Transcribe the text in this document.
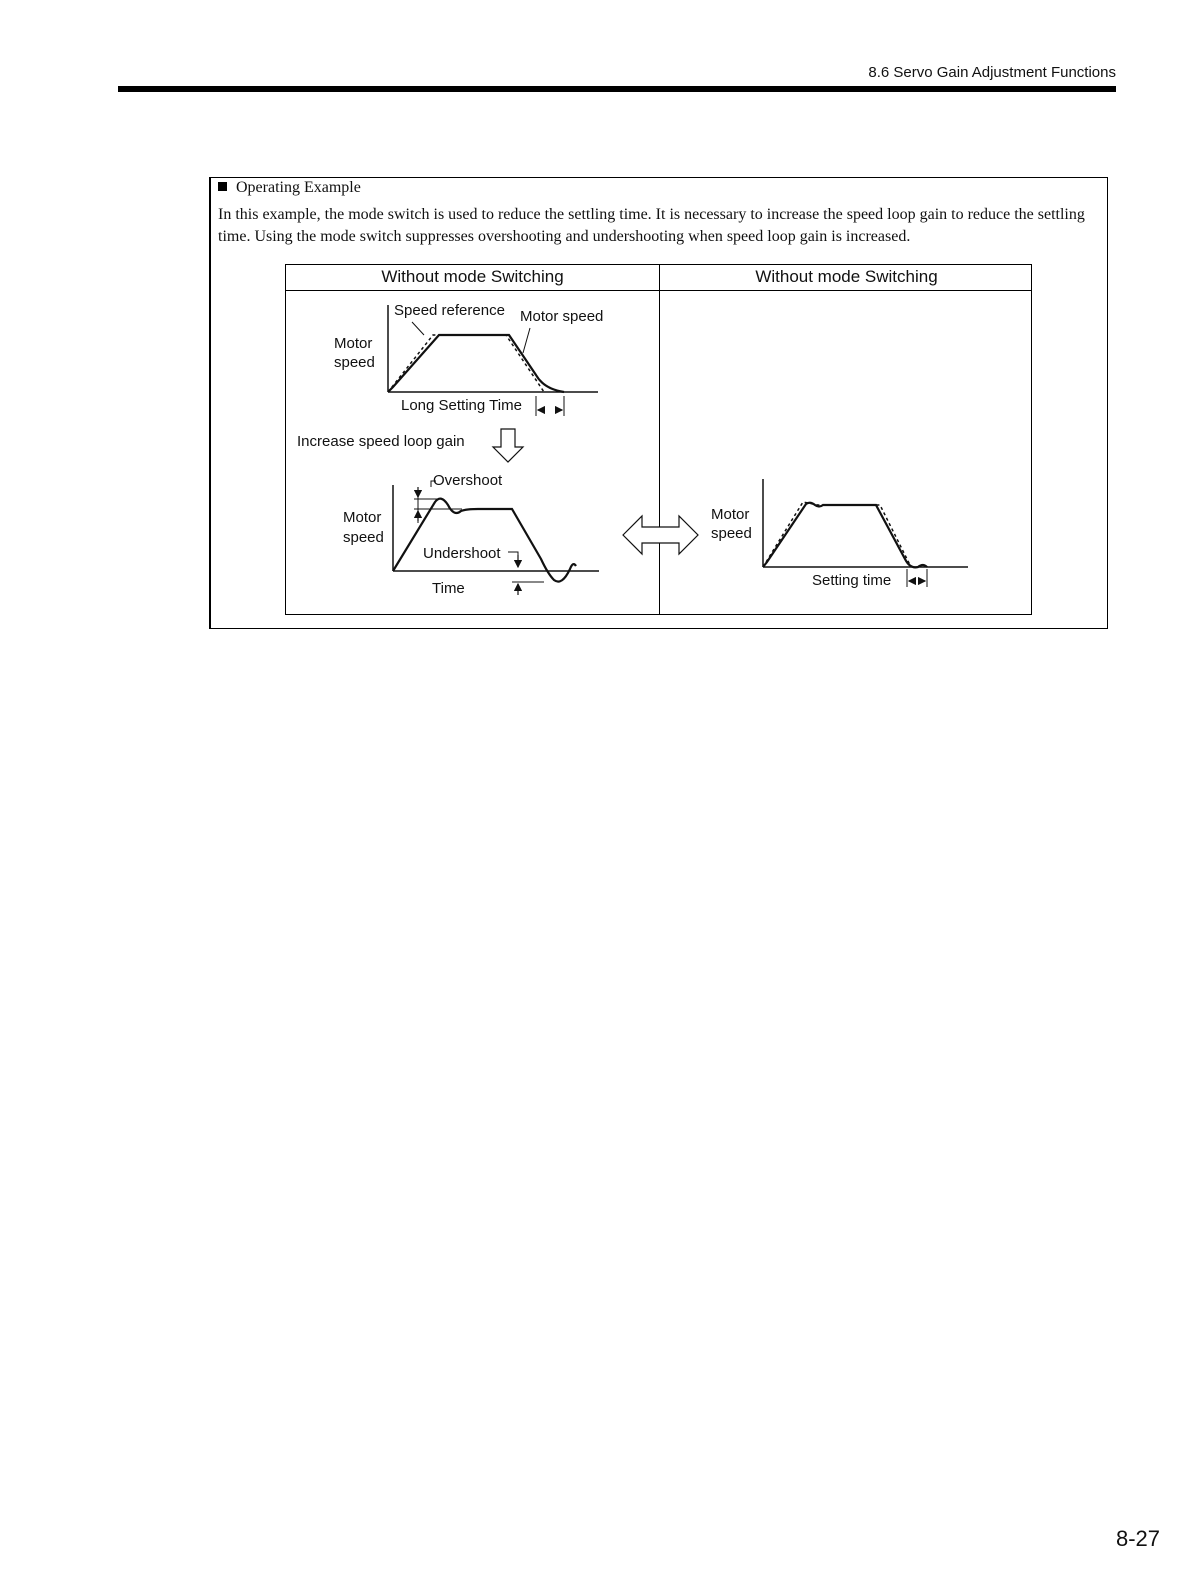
8.6 Servo Gain Adjustment Functions
Operating Example
In this example, the mode switch is used to reduce the settling time. It is necessary to increase the speed loop gain to reduce the settling time. Using the mode switch suppresses overshooting and undershooting when speed loop gain is increased.
Without mode Switching	Without mode Switching
Speed reference Motor speed
Motor
speed
Long Setting Time
Increase speed loop gain
Overshoot
Motor
speed
Undershoot
Time
Motor
speed
Setting time
8-27
